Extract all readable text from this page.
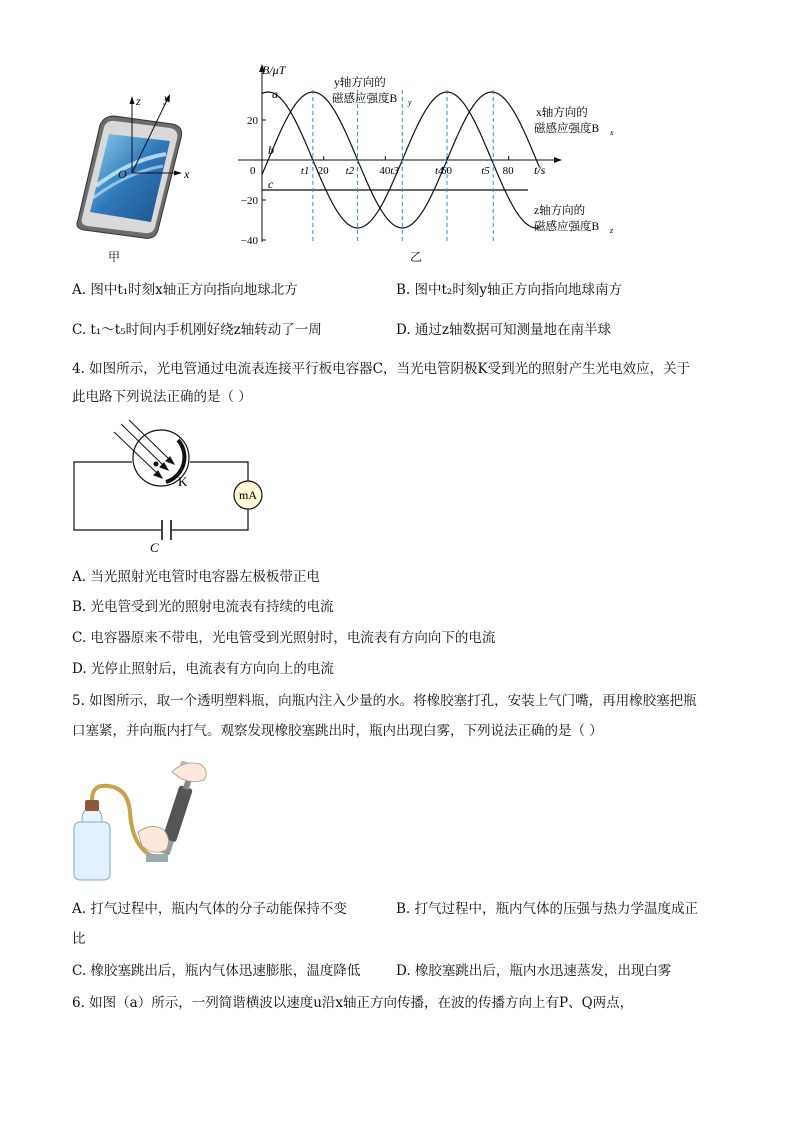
z y
x
O
甲
B/μT
t/s
0	20	40	60	80
20
−20
−40
t1	t2	t3	t4	t5
a
b
c
y轴方向的
磁感应强度B y
x轴方向的
磁感应强度B x
z轴方向的
磁感应强度B z
乙
A. 图中t₁时刻x轴正方向指向地球北方	B. 图中t₂时刻y轴正方向指向地球南方
C. t₁～t₅时间内手机刚好绕z轴转动了一周	D. 通过z轴数据可知测量地在南半球
4. 如图所示，光电管通过电流表连接平行板电容器C，当光电管阴极K受到光的照射产生光电效应，关于
此电路下列说法正确的是（ ）
mA
K
C
A. 当光照射光电管时电容器左极板带正电
B. 光电管受到光的照射电流表有持续的电流
C. 电容器原来不带电，光电管受到光照射时，电流表有方向向下的电流
D. 光停止照射后，电流表有方向向上的电流
5. 如图所示，取一个透明塑料瓶，向瓶内注入少量的水。将橡胶塞打孔，安装上气门嘴，再用橡胶塞把瓶
口塞紧，并向瓶内打气。观察发现橡胶塞跳出时，瓶内出现白雾，下列说法正确的是（ ）
A. 打气过程中，瓶内气体的分子动能保持不变	B. 打气过程中，瓶内气体的压强与热力学温度成正
比
C. 橡胶塞跳出后，瓶内气体迅速膨胀，温度降低	D. 橡胶塞跳出后，瓶内水迅速蒸发，出现白雾
6. 如图（a）所示，一列简谐横波以速度u沿x轴正方向传播，在波的传播方向上有P、Q两点，
